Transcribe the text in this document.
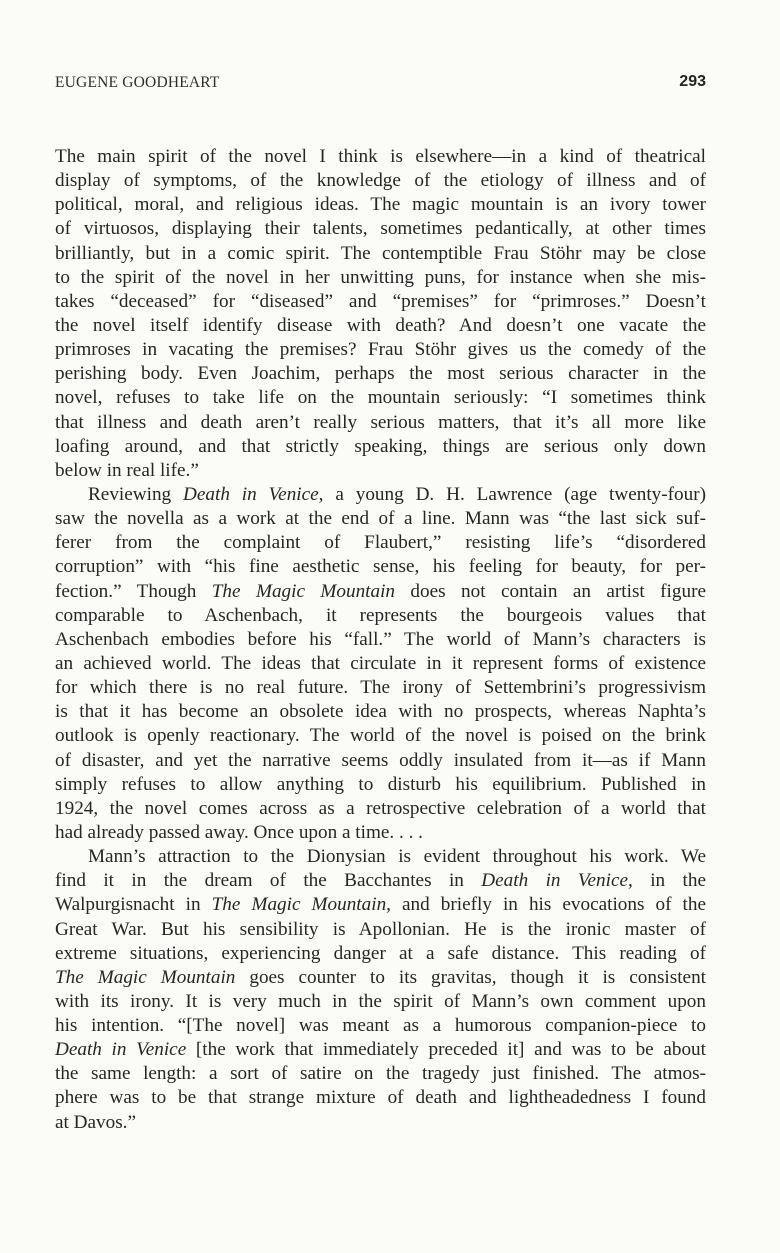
EUGENE GOODHEART	293
The main spirit of the novel I think is elsewhere—in a kind of theatrical
display of symptoms, of the knowledge of the etiology of illness and of
political, moral, and religious ideas. The magic mountain is an ivory tower
of virtuosos, displaying their talents, sometimes pedantically, at other times
brilliantly, but in a comic spirit. The contemptible Frau Stöhr may be close
to the spirit of the novel in her unwitting puns, for instance when she mis-
takes “deceased” for “diseased” and “premises” for “primroses.” Doesn’t
the novel itself identify disease with death? And doesn’t one vacate the
primroses in vacating the premises? Frau Stöhr gives us the comedy of the
perishing body. Even Joachim, perhaps the most serious character in the
novel, refuses to take life on the mountain seriously: “I sometimes think
that illness and death aren’t really serious matters, that it’s all more like
loafing around, and that strictly speaking, things are serious only down
below in real life.”
Reviewing Death in Venice, a young D. H. Lawrence (age twenty-four)
saw the novella as a work at the end of a line. Mann was “the last sick suf-
ferer from the complaint of Flaubert,” resisting life’s “disordered
corruption” with “his fine aesthetic sense, his feeling for beauty, for per-
fection.” Though The Magic Mountain does not contain an artist figure
comparable to Aschenbach, it represents the bourgeois values that
Aschenbach embodies before his “fall.” The world of Mann’s characters is
an achieved world. The ideas that circulate in it represent forms of existence
for which there is no real future. The irony of Settembrini’s progressivism
is that it has become an obsolete idea with no prospects, whereas Naphta’s
outlook is openly reactionary. The world of the novel is poised on the brink
of disaster, and yet the narrative seems oddly insulated from it—as if Mann
simply refuses to allow anything to disturb his equilibrium. Published in
1924, the novel comes across as a retrospective celebration of a world that
had already passed away. Once upon a time. . . .
Mann’s attraction to the Dionysian is evident throughout his work. We
find it in the dream of the Bacchantes in Death in Venice, in the
Walpurgisnacht in The Magic Mountain, and briefly in his evocations of the
Great War. But his sensibility is Apollonian. He is the ironic master of
extreme situations, experiencing danger at a safe distance. This reading of
The Magic Mountain goes counter to its gravitas, though it is consistent
with its irony. It is very much in the spirit of Mann’s own comment upon
his intention. “[The novel] was meant as a humorous companion-piece to
Death in Venice [the work that immediately preceded it] and was to be about
the same length: a sort of satire on the tragedy just finished. The atmos-
phere was to be that strange mixture of death and lightheadedness I found
at Davos.”
